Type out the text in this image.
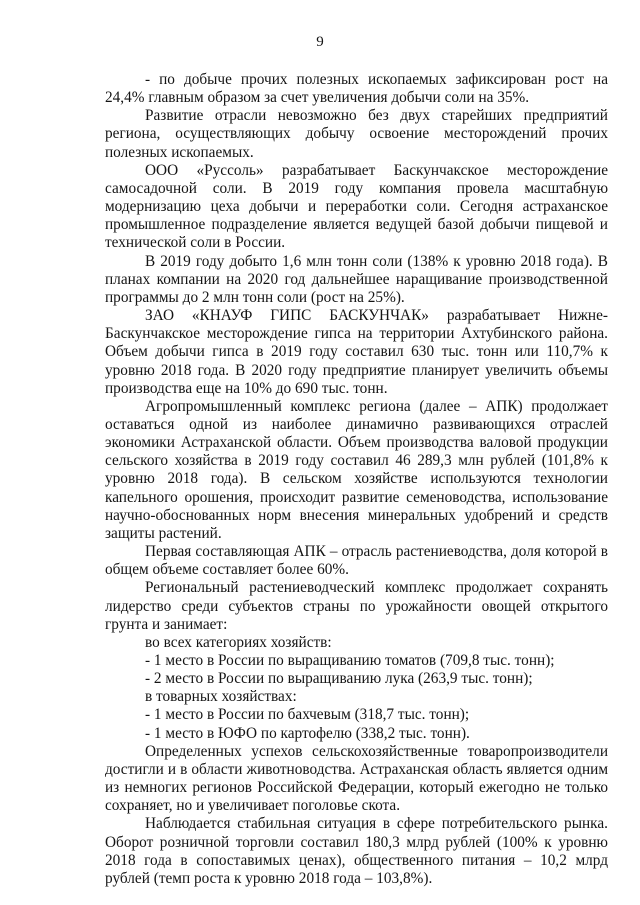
9

- по добыче прочих полезных ископаемых зафиксирован рост на 24,4% главным образом за счет увеличения добычи соли на 35%.

Развитие отрасли невозможно без двух старейших предприятий региона, осуществляющих добычу освоение месторождений прочих полезных ископаемых.

ООО «Руссоль» разрабатывает Баскунчакское месторождение самосадочной соли. В 2019 году компания провела масштабную модернизацию цеха добычи и переработки соли. Сегодня астраханское промышленное подразделение является ведущей базой добычи пищевой и технической соли в России.

В 2019 году добыто 1,6 млн тонн соли (138% к уровню 2018 года). В планах компании на 2020 год дальнейшее наращивание производственной программы до 2 млн тонн соли (рост на 25%).

ЗАО «КНАУФ ГИПС БАСКУНЧАК» разрабатывает Нижне-Баскунчакское месторождение гипса на территории Ахтубинского района. Объем добычи гипса в 2019 году составил 630 тыс. тонн или 110,7% к уровню 2018 года. В 2020 году предприятие планирует увеличить объемы производства еще на 10% до 690 тыс. тонн.

Агропромышленный комплекс региона (далее – АПК) продолжает оставаться одной из наиболее динамично развивающихся отраслей экономики Астраханской области. Объем производства валовой продукции сельского хозяйства в 2019 году составил 46 289,3 млн рублей (101,8% к уровню 2018 года). В сельском хозяйстве используются технологии капельного орошения, происходит развитие семеноводства, использование научно-обоснованных норм внесения минеральных удобрений и средств защиты растений.

Первая составляющая АПК – отрасль растениеводства, доля которой в общем объеме составляет более 60%.

Региональный растениеводческий комплекс продолжает сохранять лидерство среди субъектов страны по урожайности овощей открытого грунта и занимает:

во всех категориях хозяйств:

- 1 место в России по выращиванию томатов (709,8 тыс. тонн);

- 2 место в России по выращиванию лука (263,9 тыс. тонн);

в товарных хозяйствах:

- 1 место в России по бахчевым (318,7 тыс. тонн);

- 1 место в ЮФО по картофелю (338,2 тыс. тонн).

Определенных успехов сельскохозяйственные товаропроизводители достигли и в области животноводства. Астраханская область является одним из немногих регионов Российской Федерации, который ежегодно не только сохраняет, но и увеличивает поголовье скота.

Наблюдается стабильная ситуация в сфере потребительского рынка. Оборот розничной торговли составил 180,3 млрд рублей (100% к уровню 2018 года в сопоставимых ценах), общественного питания – 10,2 млрд рублей (темп роста к уровню 2018 года – 103,8%).
